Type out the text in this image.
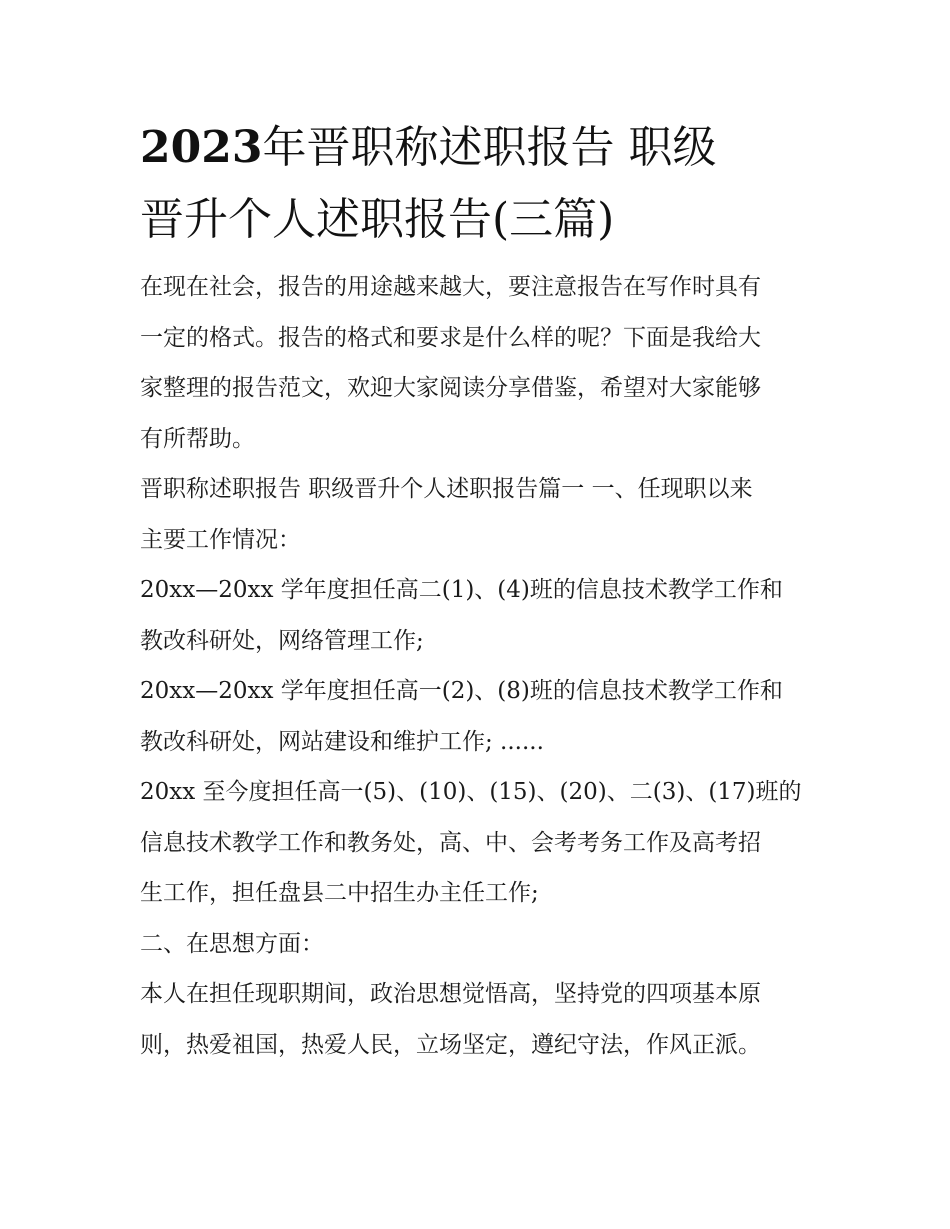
2023年晋职称述职报告 职级
晋升个人述职报告(三篇)

在现在社会，报告的用途越来越大，要注意报告在写作时具有
一定的格式。报告的格式和要求是什么样的呢？下面是我给大
家整理的报告范文，欢迎大家阅读分享借鉴，希望对大家能够
有所帮助。

晋职称述职报告 职级晋升个人述职报告篇一 一、任现职以来
主要工作情况：

20xx—20xx 学年度担任高二(1)、(4)班的信息技术教学工作和
教改科研处，网络管理工作;

20xx—20xx 学年度担任高一(2)、(8)班的信息技术教学工作和
教改科研处，网站建设和维护工作; ......

20xx 至今度担任高一(5)、(10)、(15)、(20)、二(3)、(17)班的
信息技术教学工作和教务处，高、中、会考考务工作及高考招
生工作，担任盘县二中招生办主任工作;

二、在思想方面：

本人在担任现职期间，政治思想觉悟高，坚持党的四项基本原
则，热爱祖国，热爱人民，立场坚定，遵纪守法，作风正派。
